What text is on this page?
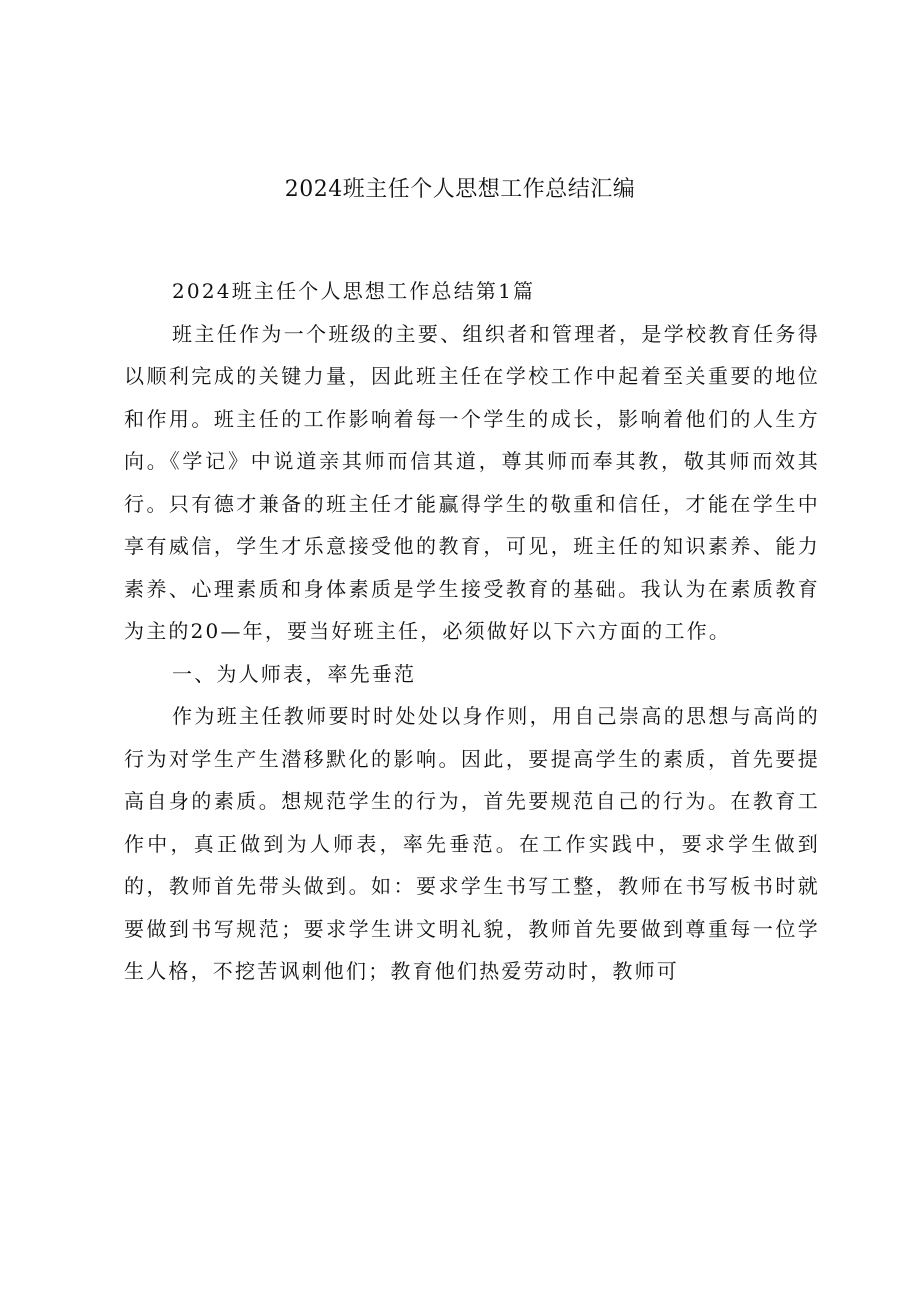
2024班主任个人思想工作总结汇编

2024班主任个人思想工作总结第1篇

班主任作为一个班级的主要、组织者和管理者，是学校教育任务得以顺利完成的关键力量，因此班主任在学校工作中起着至关重要的地位和作用。班主任的工作影响着每一个学生的成长，影响着他们的人生方向。《学记》中说道亲其师而信其道，尊其师而奉其教，敬其师而效其行。只有德才兼备的班主任才能赢得学生的敬重和信任，才能在学生中享有威信，学生才乐意接受他的教育，可见，班主任的知识素养、能力素养、心理素质和身体素质是学生接受教育的基础。我认为在素质教育为主的20—年，要当好班主任，必须做好以下六方面的工作。

一、为人师表，率先垂范

作为班主任教师要时时处处以身作则，用自己崇高的思想与高尚的行为对学生产生潜移默化的影响。因此，要提高学生的素质，首先要提高自身的素质。想规范学生的行为，首先要规范自己的行为。在教育工作中，真正做到为人师表，率先垂范。在工作实践中，要求学生做到的，教师首先带头做到。如：要求学生书写工整，教师在书写板书时就要做到书写规范；要求学生讲文明礼貌，教师首先要做到尊重每一位学生人格，不挖苦讽刺他们；教育他们热爱劳动时，教师可
